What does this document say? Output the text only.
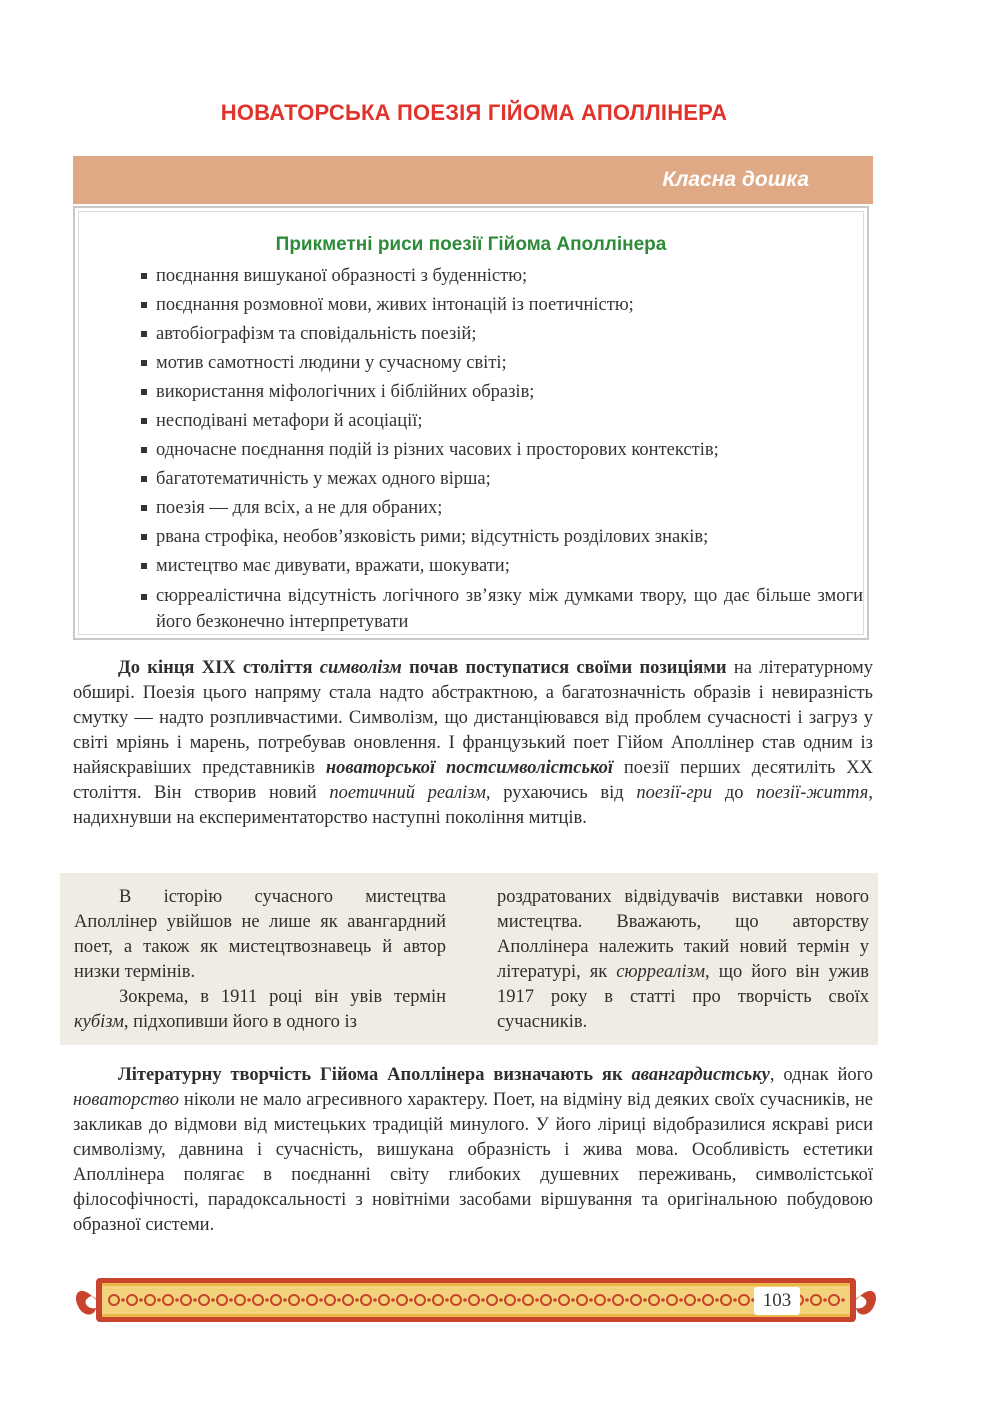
НОВАТОРСЬКА ПОЕЗІЯ ГІЙОМА АПОЛЛІНЕРА
Класна дошка
Прикметні риси поезії Гійома Аполлінера
поєднання вишуканої образності з буденністю;
поєднання розмовної мови, живих інтонацій із поетичністю;
автобіографізм та сповідальність поезій;
мотив самотності людини у сучасному світі;
використання міфологічних і біблійних образів;
несподівані метафори й асоціації;
одночасне поєднання подій із різних часових і просторових контекстів;
багатотематичність у межах одного вірша;
поезія — для всіх, а не для обраних;
рвана строфіка, необов’язковість рими; відсутність розділових знаків;
мистецтво має дивувати, вражати, шокувати;
сюрреалістична відсутність логічного зв’язку між думками твору, що дає більше змоги його безконечно інтерпретувати

До кінця XIX століття символізм почав поступатися своїми позиціями на літературному обширі. Поезія цього напряму стала надто абстрактною, а багатозначність образів і невиразність смутку — надто розпливчастими. Символізм, що дистанціювався від проблем сучасності і загруз у світі мріянь і марень, потребував оновлення. І французький поет Гійом Аполлінер став одним із найяскравіших представників новаторської постсимволістської поезії перших десятиліть XX століття. Він створив новий поетичний реалізм, рухаючись від поезії-гри до поезії-життя, надихнувши на експериментаторство наступні покоління митців.

В історію сучасного мистецтва Аполлінер увійшов не лише як авангардний поет, а також як мистецтвознавець й автор низки термінів.

Зокрема, в 1911 році він увів термін кубізм, підхопивши його в одного із

роздратованих відвідувачів виставки нового мистецтва. Вважають, що авторству Аполлінера належить такий новий термін у літературі, як сюрреалізм, що його він ужив 1917 року в статті про творчість своїх сучасників.

Літературну творчість Гійома Аполлінера визначають як авангардистську, однак його новаторство ніколи не мало агресивного характеру. Поет, на відміну від деяких своїх сучасників, не закликав до відмови від мистецьких традицій минулого. У його ліриці відобразилися яскраві риси символізму, давнина і сучасність, вишукана образність і жива мова. Особливість естетики Аполлінера полягає в поєднанні світу глибоких душевних переживань, символістської філософічності, парадоксальності з новітніми засобами віршування та оригінальною побудовою образної системи.

103
